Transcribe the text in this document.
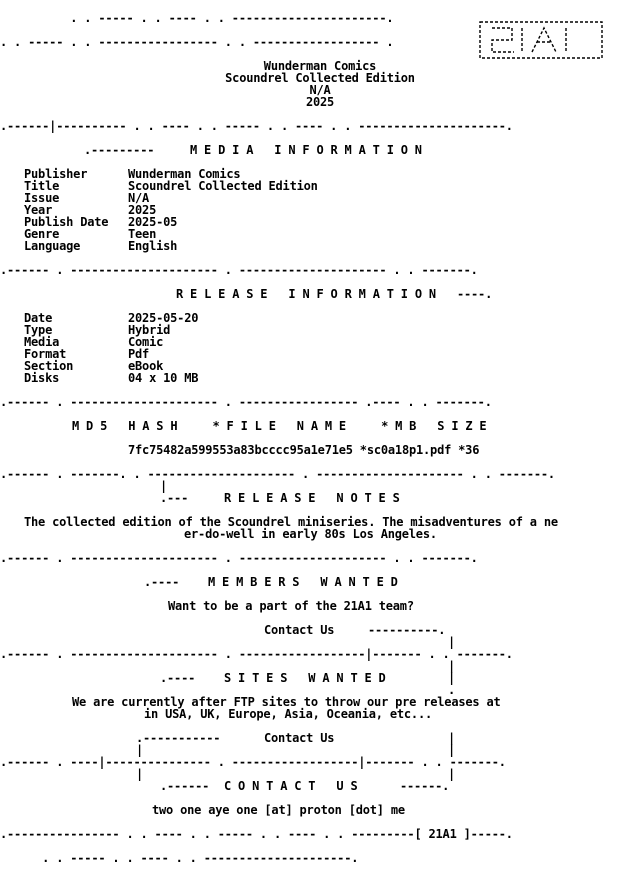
. . ----- . . ---- . . ----------------------.
. . ----- . . ----------------- . . ------------------ .
21A1
Wunderman Comics
Scoundrel Collected Edition
N/A
2025
.------|---------- . . ---- . . ----- . . ---- . . ---------------------.
.--------- M E D I A   I N F O R M A T I O N
Publisher Wunderman Comics
Title Scoundrel Collected Edition
Issue N/A
Year 2025
Publish Date 2025-05
Genre Teen
Language English
.------ . --------------------- . --------------------- . . -------.
R E L E A S E   I N F O R M A T I O N   ----.
Date 2025-05-20
Type Hybrid
Media Comic
Format Pdf
Section eBook
Disks 04 x 10 MB
.------ . --------------------- . ----------------- .---- . . -------.
M D 5   H A S H     * F I L E   N A M E     * M B   S I Z E
7fc75482a599553a83bcccc95a1e71e5 *sc0a18p1.pdf *36
.------ . -------. . --------------------- . --------------------- . . -------.
|
.--- R E L E A S E   N O T E S
The collected edition of the Scoundrel miniseries. The misadventures of a ne
er-do-well in early 80s Los Angeles.
.------ . --------------------- . --------------------- . . -------.
.---- M E M B E R S   W A N T E D
Want to be a part of the 21A1 team?
Contact Us	----------.
|
.------ . --------------------- . ------------------|------- . . -------.
|
.---- S I T E S   W A N T E D	|
.
We are currently after FTP sites to throw our pre releases at
in USA, UK, Europe, Asia, Oceania, etc...
.----------- Contact Us	|
|	|
.------ . ----|--------------- . ------------------|------- . . -------.
|	|
.------ C O N T A C T   U S	------.
two one aye one [at] proton [dot] me
.---------------- . . ---- . . ----- . . ---- . . ---------[ 21A1 ]-----.
. . ----- . . ---- . . ---------------------.
